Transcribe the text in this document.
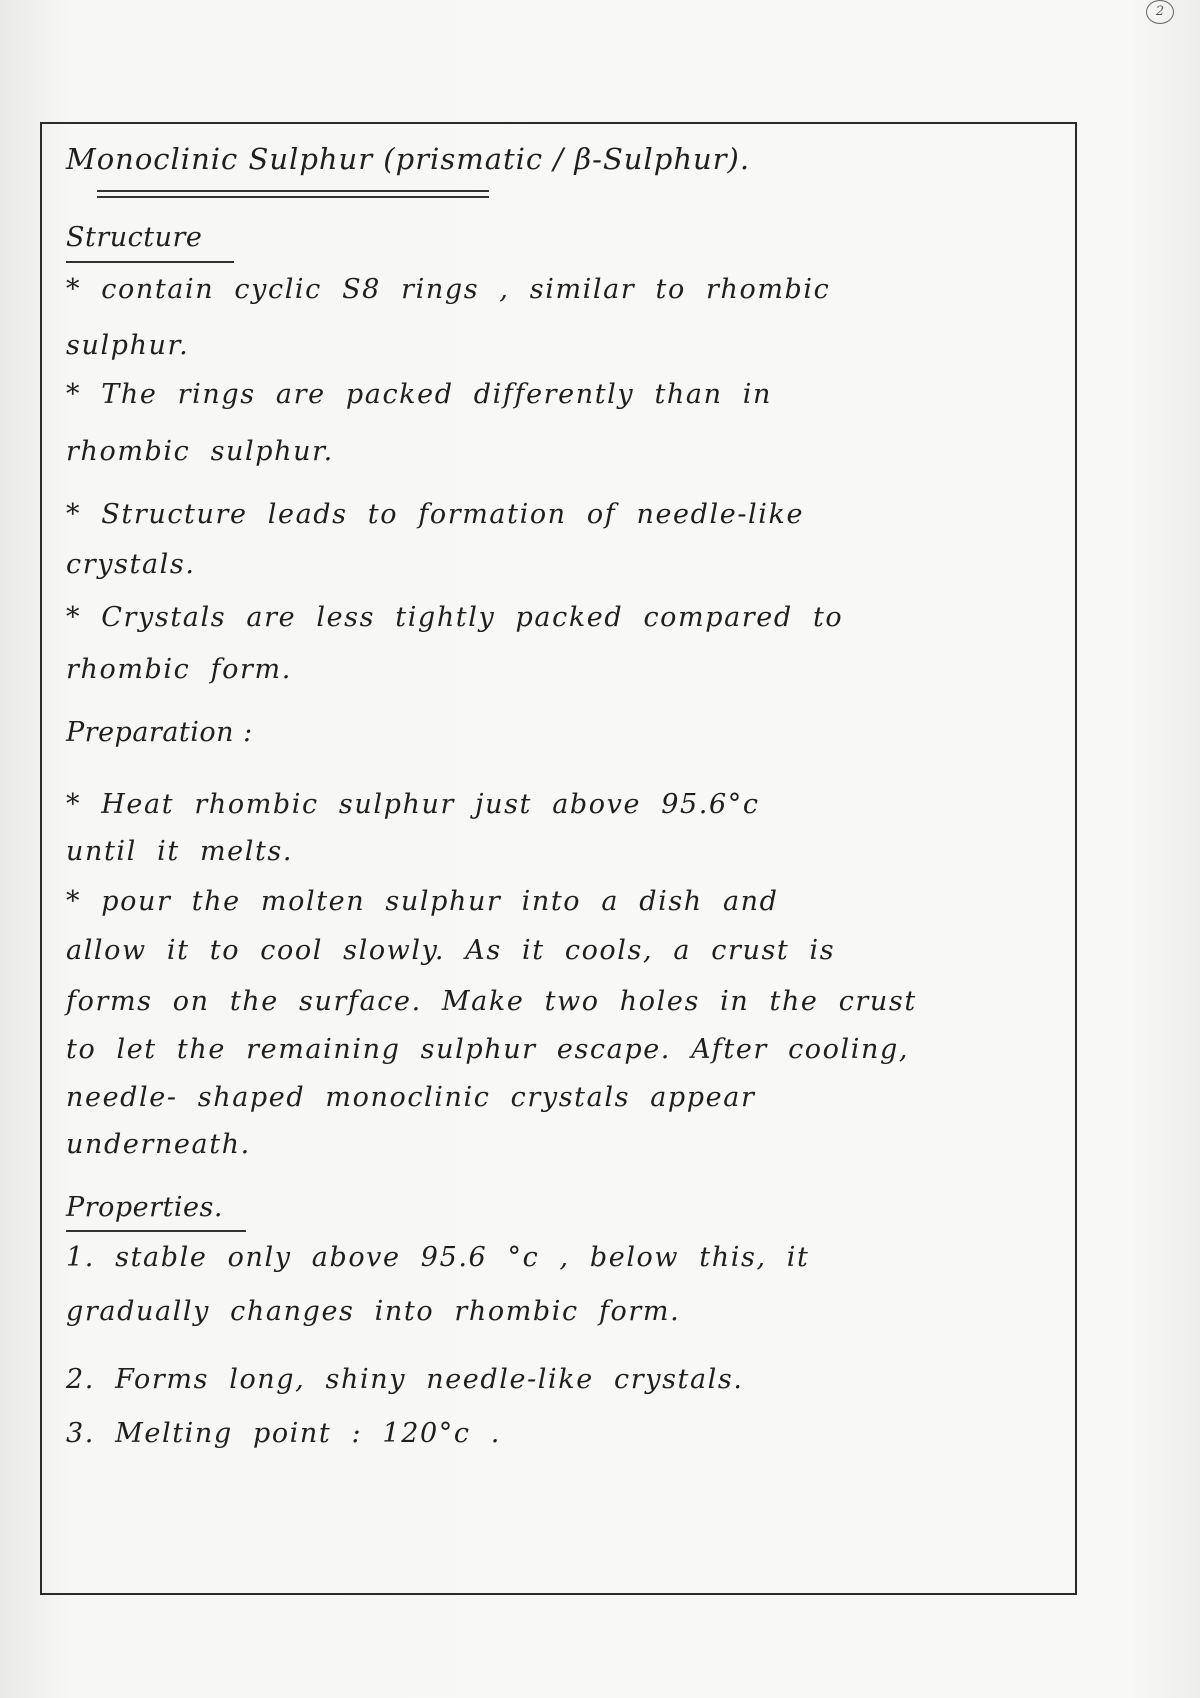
2
Monoclinic Sulphur (prismatic / β-Sulphur).
Structure
* contain cyclic S8 rings , similar to rhombic
sulphur.
* The rings are packed differently than in
rhombic sulphur.
* Structure leads to formation of needle-like
crystals.
* Crystals are less tightly packed compared to
rhombic form.
Preparation :
* Heat rhombic sulphur just above 95.6°c
until it melts.
* pour the molten sulphur into a dish and
allow it to cool slowly. As it cools, a crust is
forms on the surface. Make two holes in the crust
to let the remaining sulphur escape. After cooling,
needle- shaped monoclinic crystals appear
underneath.
Properties.
1. stable only above 95.6 °c , below this, it
gradually changes into rhombic form.
2. Forms long, shiny needle-like crystals.
3. Melting point : 120°c .
